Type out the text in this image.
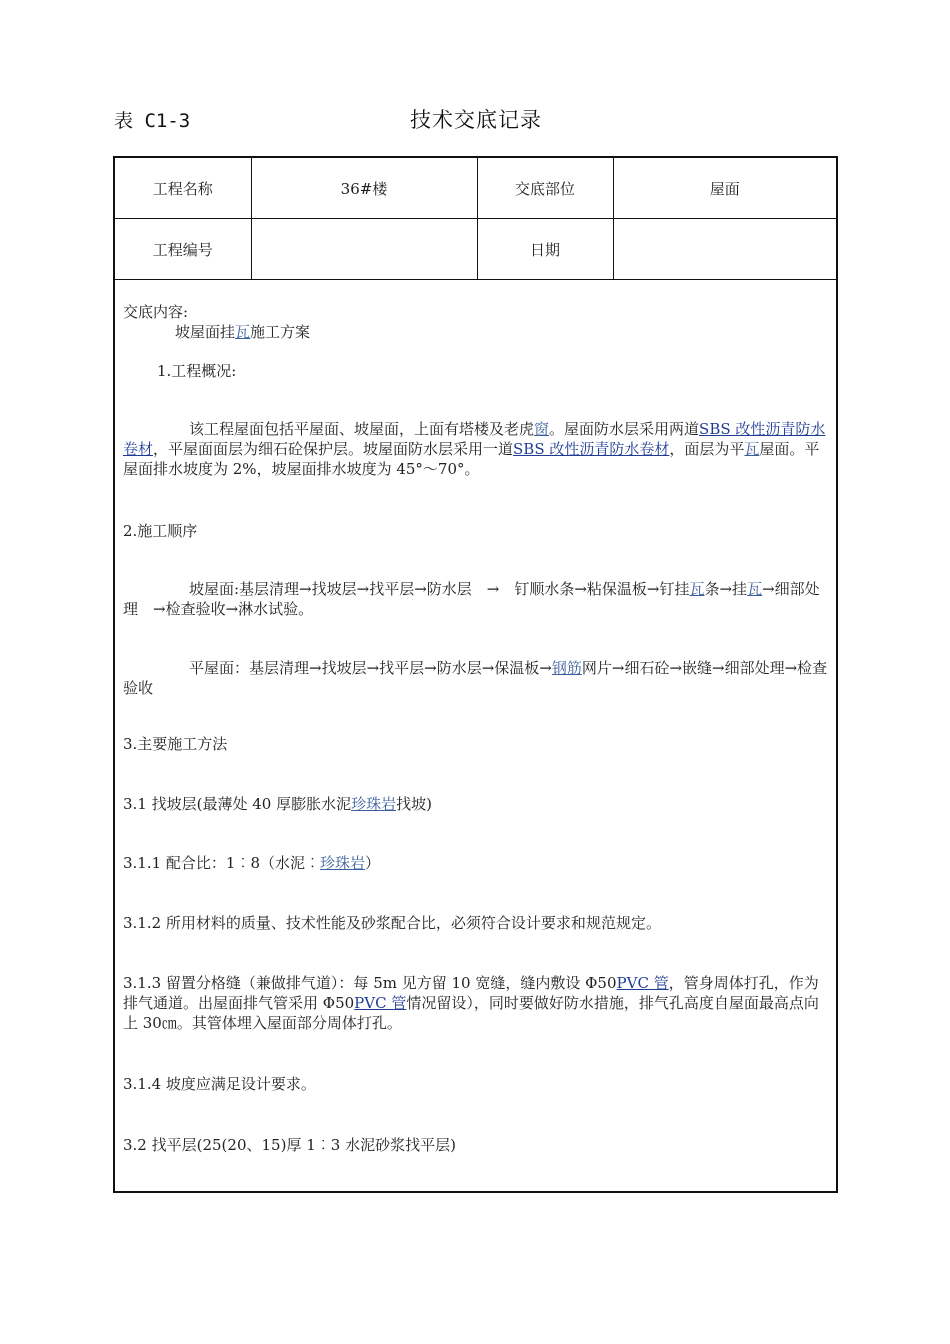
表 C1-3	技术交底记录
工程名称	36#楼	交底部位	屋面
工程编号		日期	

交底内容:

坡屋面挂瓦施工方案

1.工程概况:

该工程屋面包括平屋面、坡屋面，上面有塔楼及老虎窗。屋面防水层采用两道SBS 改性沥青防水卷材，平屋面面层为细石砼保护层。坡屋面防水层采用一道SBS 改性沥青防水卷材，面层为平瓦屋面。平屋面排水坡度为 2%，坡屋面排水坡度为 45°～70°。

2.施工顺序

坡屋面:基层清理→找坡层→找平层→防水层　→　钉顺水条→粘保温板→钉挂瓦条→挂瓦→细部处理　→检查验收→淋水试验。

平屋面：基层清理→找坡层→找平层→防水层→保温板→钢筋网片→细石砼→嵌缝→细部处理→检查验收

3.主要施工方法

3.1 找坡层(最薄处 40 厚膨胀水泥珍珠岩找坡)

3.1.1 配合比：1︰8（水泥︰珍珠岩）

3.1.2 所用材料的质量、技术性能及砂浆配合比，必须符合设计要求和规范规定。

3.1.3 留置分格缝（兼做排气道）：每 5m 见方留 10 宽缝，缝内敷设 Φ50PVC 管，管身周体打孔，作为排气通道。出屋面排气管采用 Φ50PVC 管情况留设），同时要做好防水措施，排气孔高度自屋面最高点向上 30㎝。其管体埋入屋面部分周体打孔。

3.1.4 坡度应满足设计要求。

3.2 找平层(25(20、15)厚 1︰3 水泥砂浆找平层)
